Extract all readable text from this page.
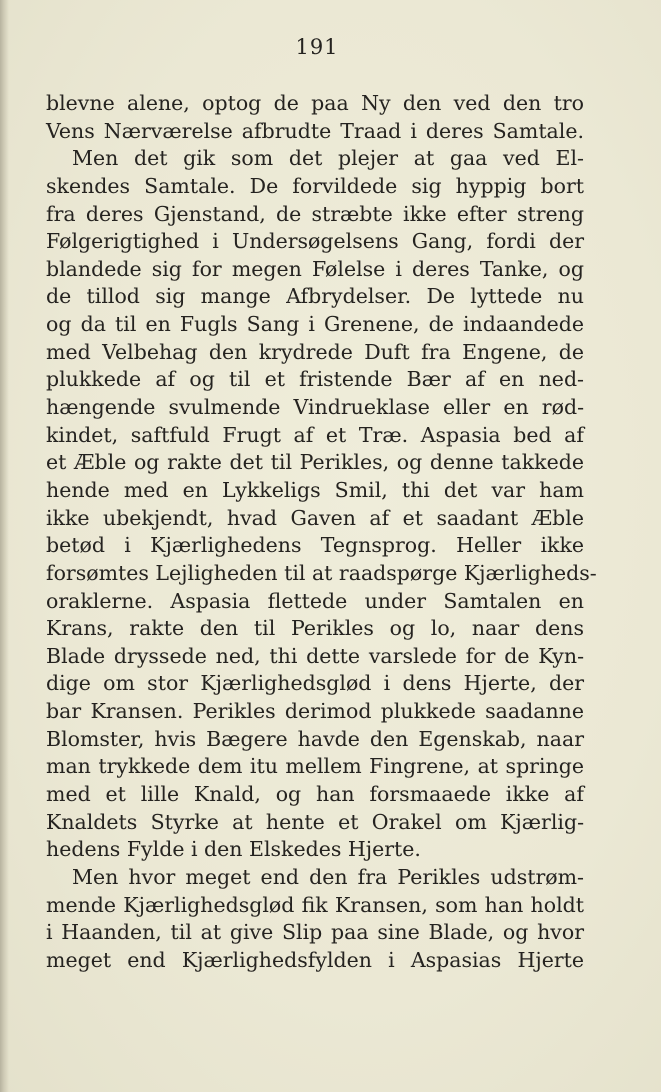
191
blevne alene, optog de paa Ny den ved den tro
Vens Nærværelse afbrudte Traad i deres Samtale.
Men det gik som det plejer at gaa ved El-
skendes Samtale. De forvildede sig hyppig bort
fra deres Gjenstand, de stræbte ikke efter streng
Følgerigtighed i Undersøgelsens Gang, fordi der
blandede sig for megen Følelse i deres Tanke, og
de tillod sig mange Afbrydelser. De lyttede nu
og da til en Fugls Sang i Grenene, de indaandede
med Velbehag den krydrede Duft fra Engene, de
plukkede af og til et fristende Bær af en ned-
hængende svulmende Vindrueklase eller en rød-
kindet, saftfuld Frugt af et Træ. Aspasia bed af
et Æble og rakte det til Perikles, og denne takkede
hende med en Lykkeligs Smil, thi det var ham
ikke ubekjendt, hvad Gaven af et saadant Æble
betød i Kjærlighedens Tegnsprog. Heller ikke
forsømtes Lejligheden til at raadspørge Kjærligheds-
oraklerne. Aspasia flettede under Samtalen en
Krans, rakte den til Perikles og lo, naar dens
Blade dryssede ned, thi dette varslede for de Kyn-
dige om stor Kjærlighedsglød i dens Hjerte, der
bar Kransen. Perikles derimod plukkede saadanne
Blomster, hvis Bægere havde den Egenskab, naar
man trykkede dem itu mellem Fingrene, at springe
med et lille Knald, og han forsmaaede ikke af
Knaldets Styrke at hente et Orakel om Kjærlig-
hedens Fylde i den Elskedes Hjerte.
Men hvor meget end den fra Perikles udstrøm-
mende Kjærlighedsglød fik Kransen, som han holdt
i Haanden, til at give Slip paa sine Blade, og hvor
meget end Kjærlighedsfylden i Aspasias Hjerte
